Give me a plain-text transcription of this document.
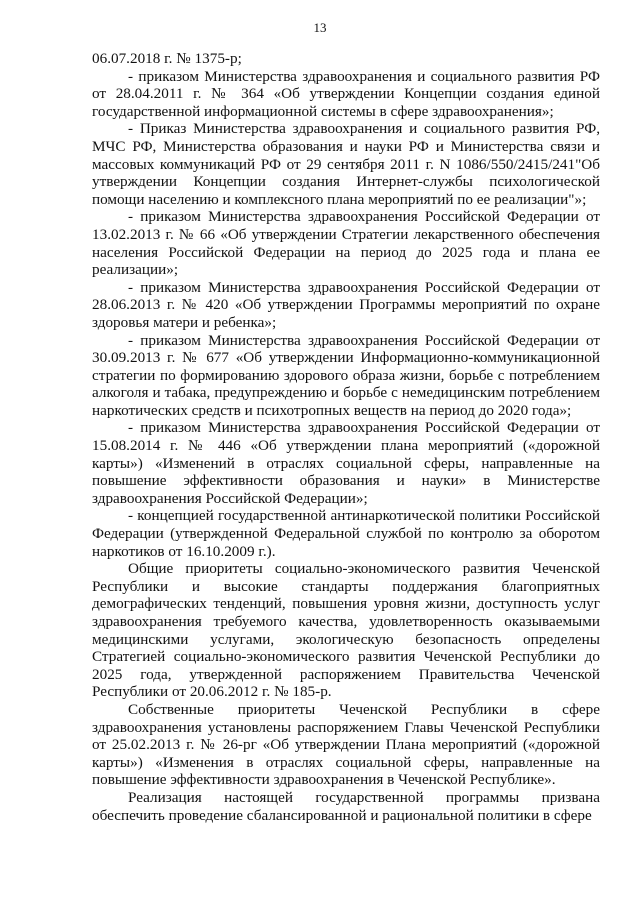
13

06.07.2018 г. № 1375-р;

- приказом Министерства здравоохранения и социального развития РФ от 28.04.2011 г. № 364 «Об утверждении Концепции создания единой государственной информационной системы в сфере здравоохранения»;

- Приказ Министерства здравоохранения и социального развития РФ, МЧС РФ, Министерства образования и науки РФ и Министерства связи и массовых коммуникаций РФ от 29 сентября 2011 г. N 1086/550/2415/241"Об утверждении Концепции создания Интернет-службы психологической помощи населению и комплексного плана мероприятий по ее реализации"»;

- приказом Министерства здравоохранения Российской Федерации от 13.02.2013 г. № 66 «Об утверждении Стратегии лекарственного обеспечения населения Российской Федерации на период до 2025 года и плана ее реализации»;

- приказом Министерства здравоохранения Российской Федерации от 28.06.2013 г. № 420 «Об утверждении Программы мероприятий по охране здоровья матери и ребенка»;

- приказом Министерства здравоохранения Российской Федерации от 30.09.2013 г. № 677 «Об утверждении Информационно-коммуникационной стратегии по формированию здорового образа жизни, борьбе с потреблением алкоголя и табака, предупреждению и борьбе с немедицинским потреблением наркотических средств и психотропных веществ на период до 2020 года»;

- приказом Министерства здравоохранения Российской Федерации от 15.08.2014 г. № 446 «Об утверждении плана мероприятий («дорожной карты») «Изменений в отраслях социальной сферы, направленные на повышение эффективности образования и науки» в Министерстве здравоохранения Российской Федерации»;

- концепцией государственной антинаркотической политики Российской Федерации (утвержденной Федеральной службой по контролю за оборотом наркотиков от 16.10.2009 г.).

Общие приоритеты социально-экономического развития Чеченской Республики и высокие стандарты поддержания благоприятных демографических тенденций, повышения уровня жизни, доступность услуг здравоохранения требуемого качества, удовлетворенность оказываемыми медицинскими услугами, экологическую безопасность определены Стратегией социально-экономического развития Чеченской Республики до 2025 года, утвержденной распоряжением Правительства Чеченской Республики от 20.06.2012 г. № 185-р.

Собственные приоритеты Чеченской Республики в сфере здравоохранения установлены распоряжением Главы Чеченской Республики от 25.02.2013 г. № 26-рг «Об утверждении Плана мероприятий («дорожной карты») «Изменения в отраслях социальной сферы, направленные на повышение эффективности здравоохранения в Чеченской Республике».

Реализация настоящей государственной программы призвана обеспечить проведение сбалансированной и рациональной политики в сфере
